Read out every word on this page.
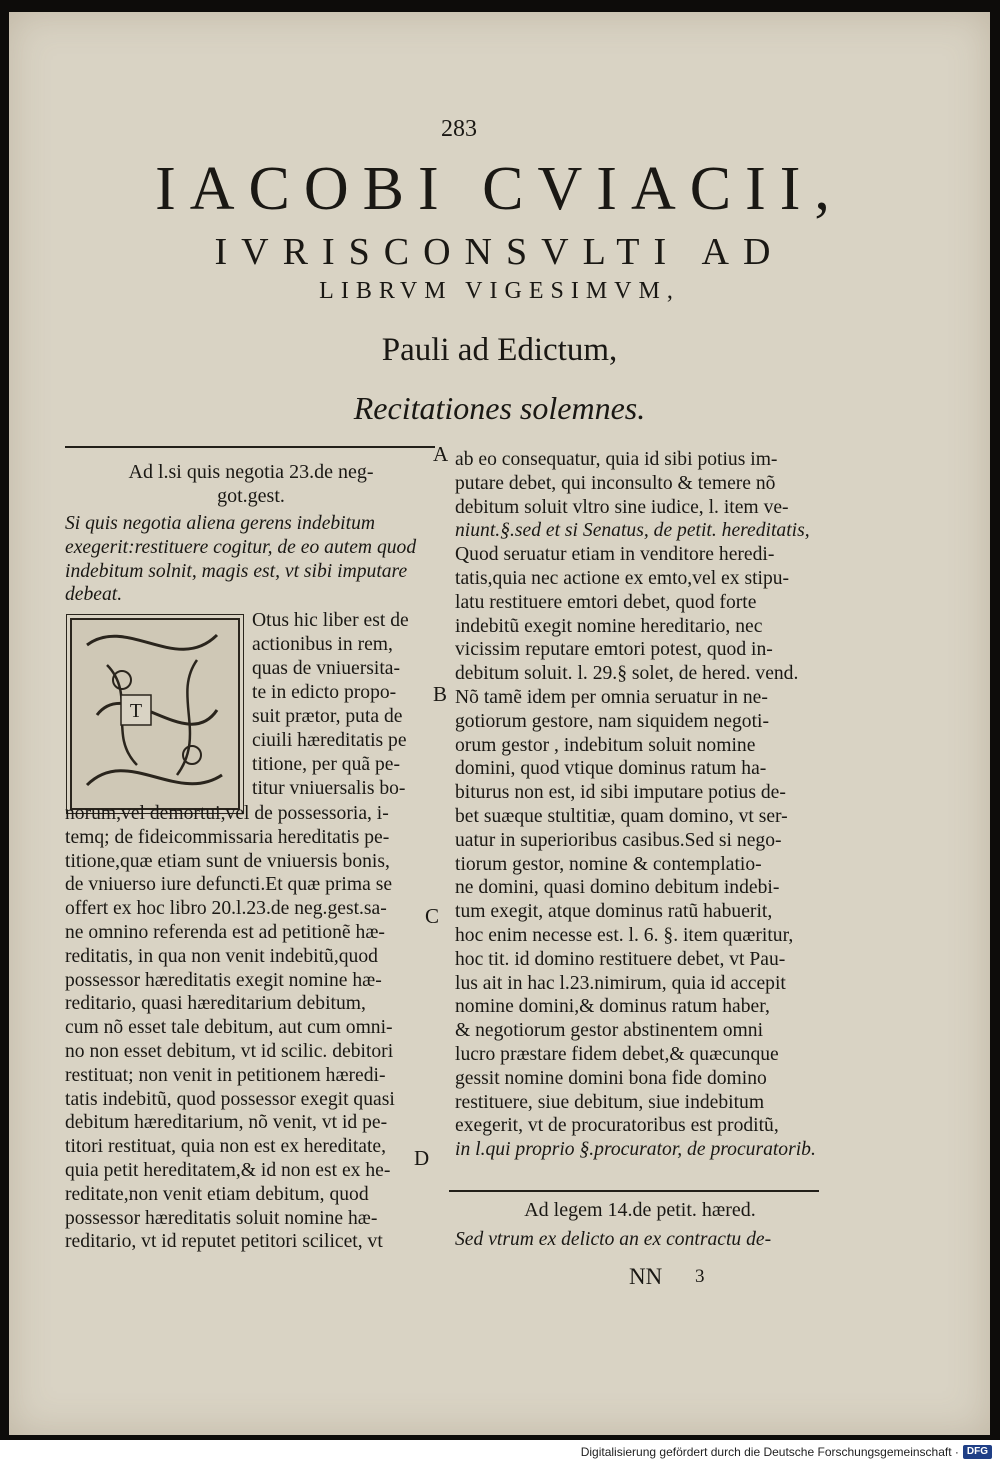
283
IACOBI CVIACII,
IVRISCONSVLTI AD
LIBRVM VIGESIMVM,
Pauli ad Edictum,
Recitationes solemnes.
Ad l.si quis negotia 23.de neg-
got.gest.
Si quis negotia aliena gerens indebitum
exegerit:restituere cogitur, de eo autem quod
indebitum solnit, magis est, vt sibi imputare
debeat.
T
Otus hic liber est de
actionibus in rem,
quas de vniuersita-
te in edicto propo-
suit prætor, puta de
ciuili hæreditatis pe
titione, per quã pe-
titur vniuersalis bo-
norum,vel demortui,vel de possessoria, i-
temq; de fideicommissaria hereditatis pe-
titione,quæ etiam sunt de vniuersis bonis,
de vniuerso iure defuncti.Et quæ prima se
offert ex hoc libro 20.l.23.de neg.gest.sa-
ne omnino referenda est ad petitionẽ hæ-
reditatis, in qua non venit indebitũ,quod
possessor hæreditatis exegit nomine hæ-
reditario, quasi hæreditarium debitum,
cum nõ esset tale debitum, aut cum omni-
no non esset debitum, vt id scilic. debitori
restituat; non venit in petitionem hæredi-
tatis indebitũ, quod possessor exegit quasi
debitum hæreditarium, nõ venit, vt id pe-
titori restituat, quia non est ex hereditate,
quia petit hereditatem,& id non est ex he-
reditate,non venit etiam debitum, quod
possessor hæreditatis soluit nomine hæ-
reditario, vt id reputet petitori scilicet, vt
A
B
C
D
ab eo consequatur, quia id sibi potius im-
putare debet, qui inconsulto & temere nõ
debitum soluit vltro sine iudice, l. item ve-
niunt.§.sed et si Senatus, de petit. hereditatis,
Quod seruatur etiam in venditore heredi-
tatis,quia nec actione ex emto,vel ex stipu-
latu restituere emtori debet, quod forte
indebitũ exegit nomine hereditario, nec
vicissim reputare emtori potest, quod in-
debitum soluit. l. 29.§ solet, de hered. vend.
Nõ tamẽ idem per omnia seruatur in ne-
gotiorum gestore, nam siquidem negoti-
orum gestor , indebitum soluit nomine
domini, quod vtique dominus ratum ha-
biturus non est, id sibi imputare potius de-
bet suæque stultitiæ, quam domino, vt ser-
uatur in superioribus casibus.Sed si nego-
tiorum gestor, nomine & contemplatio-
ne domini, quasi domino debitum indebi-
tum exegit, atque dominus ratũ habuerit,
hoc enim necesse est. l. 6. §. item quæritur,
hoc tit. id domino restituere debet, vt Pau-
lus ait in hac l.23.nimirum, quia id accepit
nomine domini,& dominus ratum haber,
& negotiorum gestor abstinentem omni
lucro præstare fidem debet,& quæcunque
gessit nomine domini bona fide domino
restituere, siue debitum, siue indebitum
exegerit, vt de procuratoribus est proditũ,
in l.qui proprio §.procurator, de procuratorib.
Ad legem 14.de petit. hæred.
Sed vtrum ex delicto an ex contractu de-
NN 3
Digitalisierung gefördert durch die Deutsche Forschungsgemeinschaft · DFG
